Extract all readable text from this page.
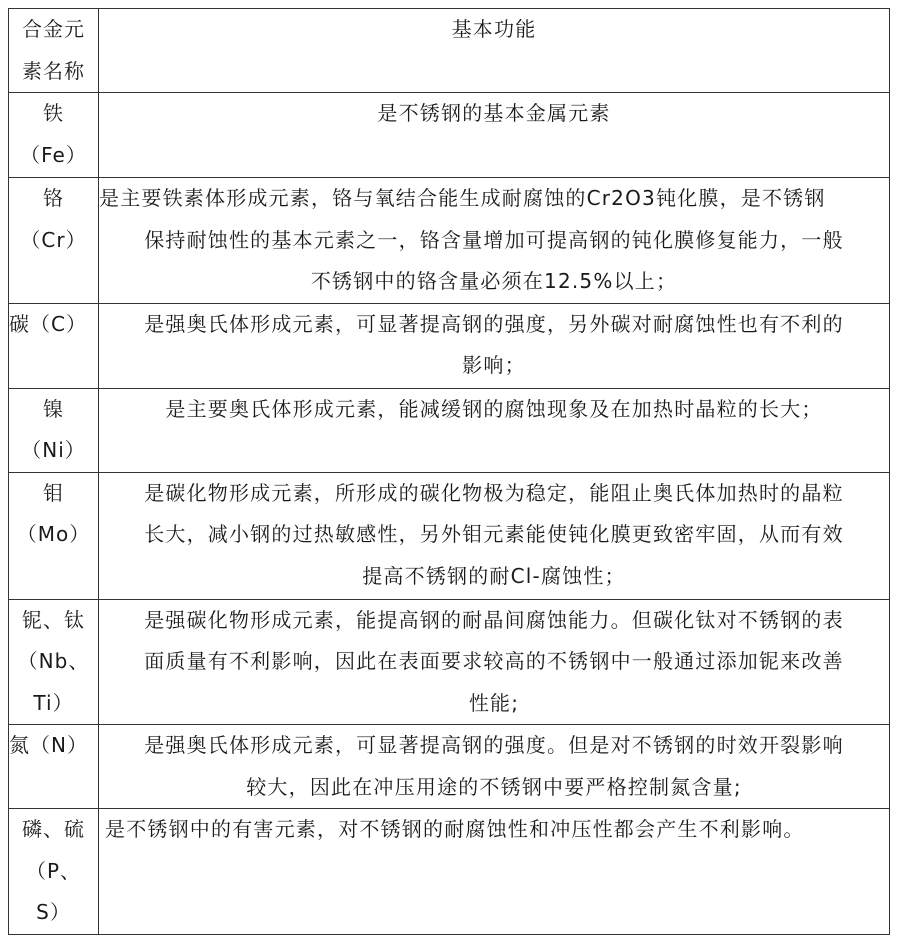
合金元
素名称	基本功能

铁
（Fe）	是不锈钢的基本金属元素

铬
（Cr）	是主要铁素体形成元素，铬与氧结合能生成耐腐蚀的Cr2O3钝化膜，是不锈钢
保持耐蚀性的基本元素之一，铬含量增加可提高钢的钝化膜修复能力，一般
不锈钢中的铬含量必须在12.5%以上；

碳（C）	是强奥氏体形成元素，可显著提高钢的强度，另外碳对耐腐蚀性也有不利的
影响；

镍
（Ni）	是主要奥氏体形成元素，能减缓钢的腐蚀现象及在加热时晶粒的长大；

钼
（Mo）	是碳化物形成元素，所形成的碳化物极为稳定，能阻止奥氏体加热时的晶粒
长大，减小钢的过热敏感性，另外钼元素能使钝化膜更致密牢固，从而有效
提高不锈钢的耐Cl-腐蚀性；

铌、钛
（Nb、
Ti）	是强碳化物形成元素，能提高钢的耐晶间腐蚀能力。但碳化钛对不锈钢的表
面质量有不利影响，因此在表面要求较高的不锈钢中一般通过添加铌来改善
性能;

氮（N）	是强奥氏体形成元素，可显著提高钢的强度。但是对不锈钢的时效开裂影响
较大，因此在冲压用途的不锈钢中要严格控制氮含量;

磷、硫
（P、
S）	是不锈钢中的有害元素，对不锈钢的耐腐蚀性和冲压性都会产生不利影响。
